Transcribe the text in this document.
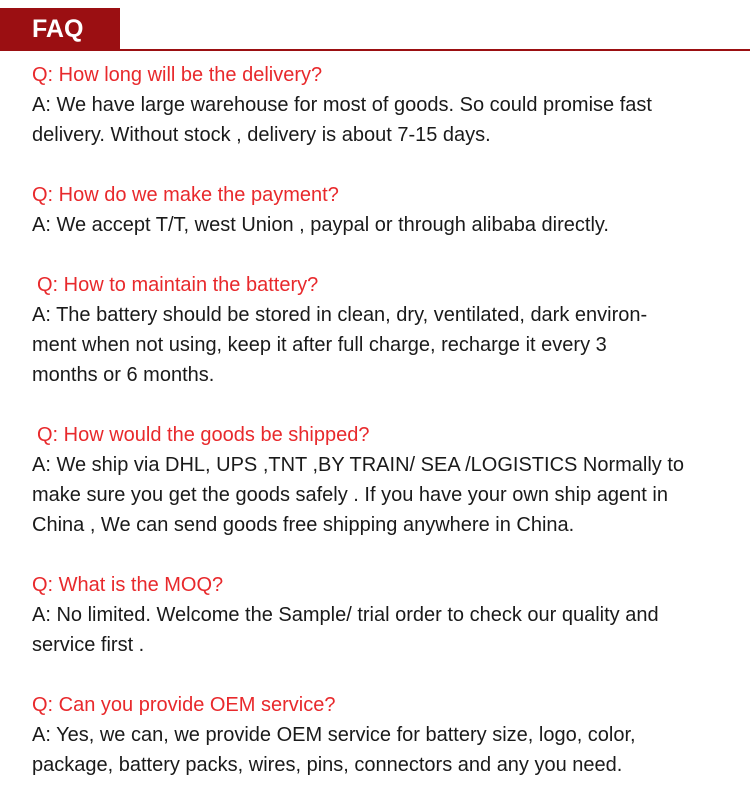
FAQ
Q: How long will be the delivery?
A: We have large warehouse for most of goods. So could promise fast
delivery. Without stock , delivery is about 7-15 days.
Q: How do we make the payment?
A: We accept T/T, west Union , paypal or through alibaba directly.
Q: How to maintain the battery?
A: The battery should be stored in clean, dry, ventilated, dark environ-
ment when not using, keep it after full charge, recharge it every 3
months or 6 months.
Q: How would the goods be shipped?
A: We ship via DHL, UPS ,TNT ,BY TRAIN/ SEA /LOGISTICS Normally to
make sure you get the goods safely . If you have your own ship agent in
China , We can send goods free shipping anywhere in China.
Q: What is the MOQ?
A: No limited. Welcome the Sample/ trial order to check our quality and
service first .
Q: Can you provide OEM service?
A: Yes, we can, we provide OEM service for battery size, logo, color,
package, battery packs, wires, pins, connectors and any you need.
